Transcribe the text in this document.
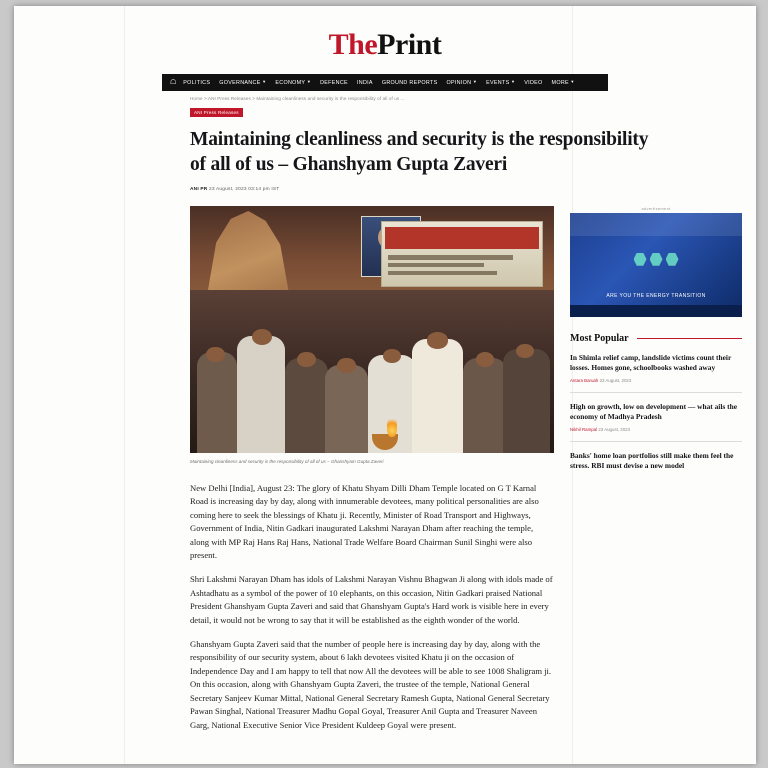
ThePrint
☖ POLITICS GOVERNANCE ▼ ECONOMY ▼ DEFENCE INDIA GROUND REPORTS OPINION ▼ EVENTS ▼ VIDEO MORE ▼
Home > ANI Press Releases > Maintaining cleanliness and security is the responsibility of all of us ...
ANI Press Releases
Maintaining cleanliness and security is the responsibility of all of us – Ghanshyam Gupta Zaveri
ANI PR 23 August, 2023 03:14 pm IST
Maintaining cleanliness and security is the responsibility of all of us – Ghanshyam Gupta Zaveri

New Delhi [India], August 23: The glory of Khatu Shyam Dilli Dham Temple located on G T Karnal Road is increasing day by day, along with innumerable devotees, many political personalities are also coming here to seek the blessings of Khatu ji. Recently, Minister of Road Transport and Highways, Government of India, Nitin Gadkari inaugurated Lakshmi Narayan Dham after reaching the temple, along with MP Raj Hans Raj Hans, National Trade Welfare Board Chairman Sunil Singhi were also present.

Shri Lakshmi Narayan Dham has idols of Lakshmi Narayan Vishnu Bhagwan Ji along with idols made of Ashtadhatu as a symbol of the power of 10 elephants, on this occasion, Nitin Gadkari praised National President Ghanshyam Gupta Zaveri and said that Ghanshyam Gupta's Hard work is visible here in every detail, it would not be wrong to say that it will be established as the eighth wonder of the world.

Ghanshyam Gupta Zaveri said that the number of people here is increasing day by day, along with the responsibility of our security system, about 6 lakh devotees visited Khatu ji on the occasion of Independence Day and I am happy to tell that now All the devotees will be able to see 1008 Shaligram ji. On this occasion, along with Ghanshyam Gupta Zaveri, the trustee of the temple, National General Secretary Sanjeev Kumar Mittal, National General Secretary Ramesh Gupta, National General Secretary Pawan Singhal, National Treasurer Madhu Gopal Goyal, Treasurer Anil Gupta and Treasurer Naveen Garg, National Executive Senior Vice President Kuldeep Goyal were present.

advertisement
ARE YOU THE ENERGY TRANSITION
Most Popular
In Shimla relief camp, landslide victims count their losses. Homes gone, schoolbooks washed away
Antara Baruah 23 August, 2023
High on growth, low on development — what ails the economy of Madhya Pradesh
Nikhil Rampal 23 August, 2023
Banks' home loan portfolios still make them feel the stress. RBI must devise a new model
